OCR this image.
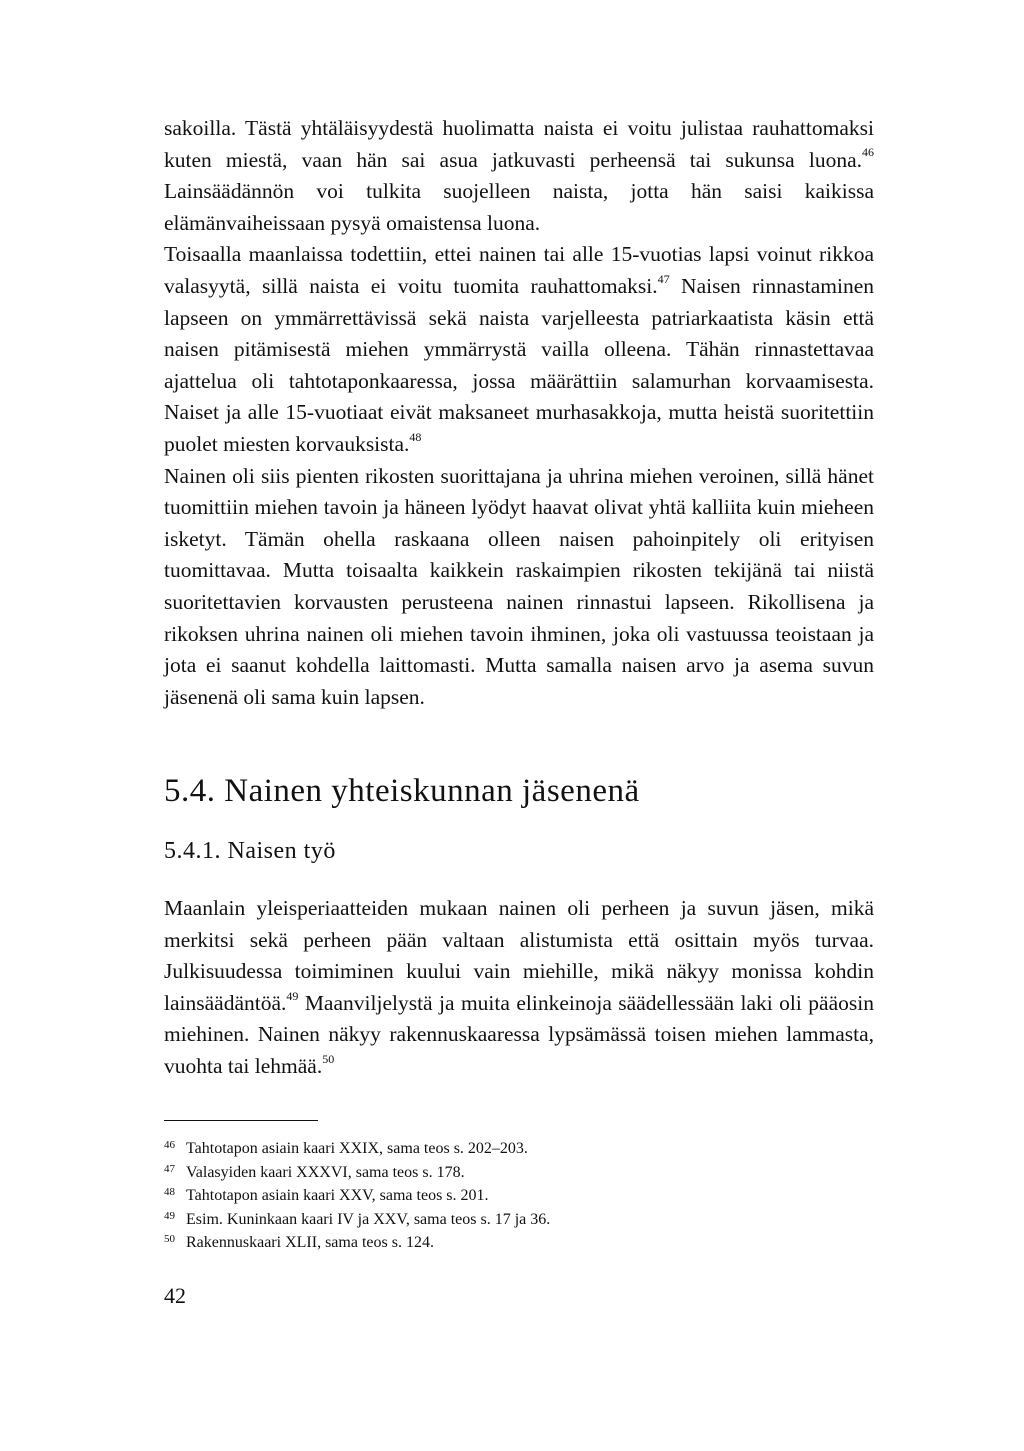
sakoilla. Tästä yhtäläisyydestä huolimatta naista ei voitu julistaa rauhattomaksi kuten miestä, vaan hän sai asua jatkuvasti perheensä tai sukunsa luona.$^{46}$ Lainsäädännön voi tulkita suojelleen naista, jotta hän saisi kaikissa elämänvaiheissaan pysyä omaistensa luona.

Toisaalla maanlaissa todettiin, ettei nainen tai alle 15-vuotias lapsi voinut rikkoa valasyytä, sillä naista ei voitu tuomita rauhattomaksi.$^{47}$ Naisen rinnastaminen lapseen on ymmärrettävissä sekä naista varjelleesta patriarkaatista käsin että naisen pitämisestä miehen ymmärrystä vailla olleena. Tähän rinnastettavaa ajattelua oli tahtotaponkaaressa, jossa määrättiin salamurhan korvaamisesta. Naiset ja alle 15-vuotiaat eivät maksaneet murhasakkoja, mutta heistä suoritettiin puolet miesten korvauksista.$^{48}$

Nainen oli siis pienten rikosten suorittajana ja uhrina miehen veroinen, sillä hänet tuomittiin miehen tavoin ja häneen lyödyt haavat olivat yhtä kalliita kuin mieheen isketyt. Tämän ohella raskaana olleen naisen pahoinpitely oli erityisen tuomittavaa. Mutta toisaalta kaikkein raskaimpien rikosten tekijänä tai niistä suoritettavien korvausten perusteena nainen rinnastui lapseen. Rikollisena ja rikoksen uhrina nainen oli miehen tavoin ihminen, joka oli vastuussa teoistaan ja jota ei saanut kohdella laittomasti. Mutta samalla naisen arvo ja asema suvun jäsenenä oli sama kuin lapsen.

5.4. Nainen yhteiskunnan jäsenenä
5.4.1. Naisen työ

Maanlain yleisperiaatteiden mukaan nainen oli perheen ja suvun jäsen, mikä merkitsi sekä perheen pään valtaan alistumista että osittain myös turvaa. Julkisuudessa toimiminen kuului vain miehille, mikä näkyy monissa kohdin lainsäädäntöä.$^{49}$ Maanviljelystä ja muita elinkeinoja säädellessään laki oli pääosin miehinen. Nainen näkyy rakennuskaaressa lypsämässä toisen miehen lammasta, vuohta tai lehmää.$^{50}$

46 Tahtotapon asiain kaari XXIX, sama teos s. 202–203.
47 Valasyiden kaari XXXVI, sama teos s. 178.
48 Tahtotapon asiain kaari XXV, sama teos s. 201.
49 Esim. Kuninkaan kaari IV ja XXV, sama teos s. 17 ja 36.
50 Rakennuskaari XLII, sama teos s. 124.

42
